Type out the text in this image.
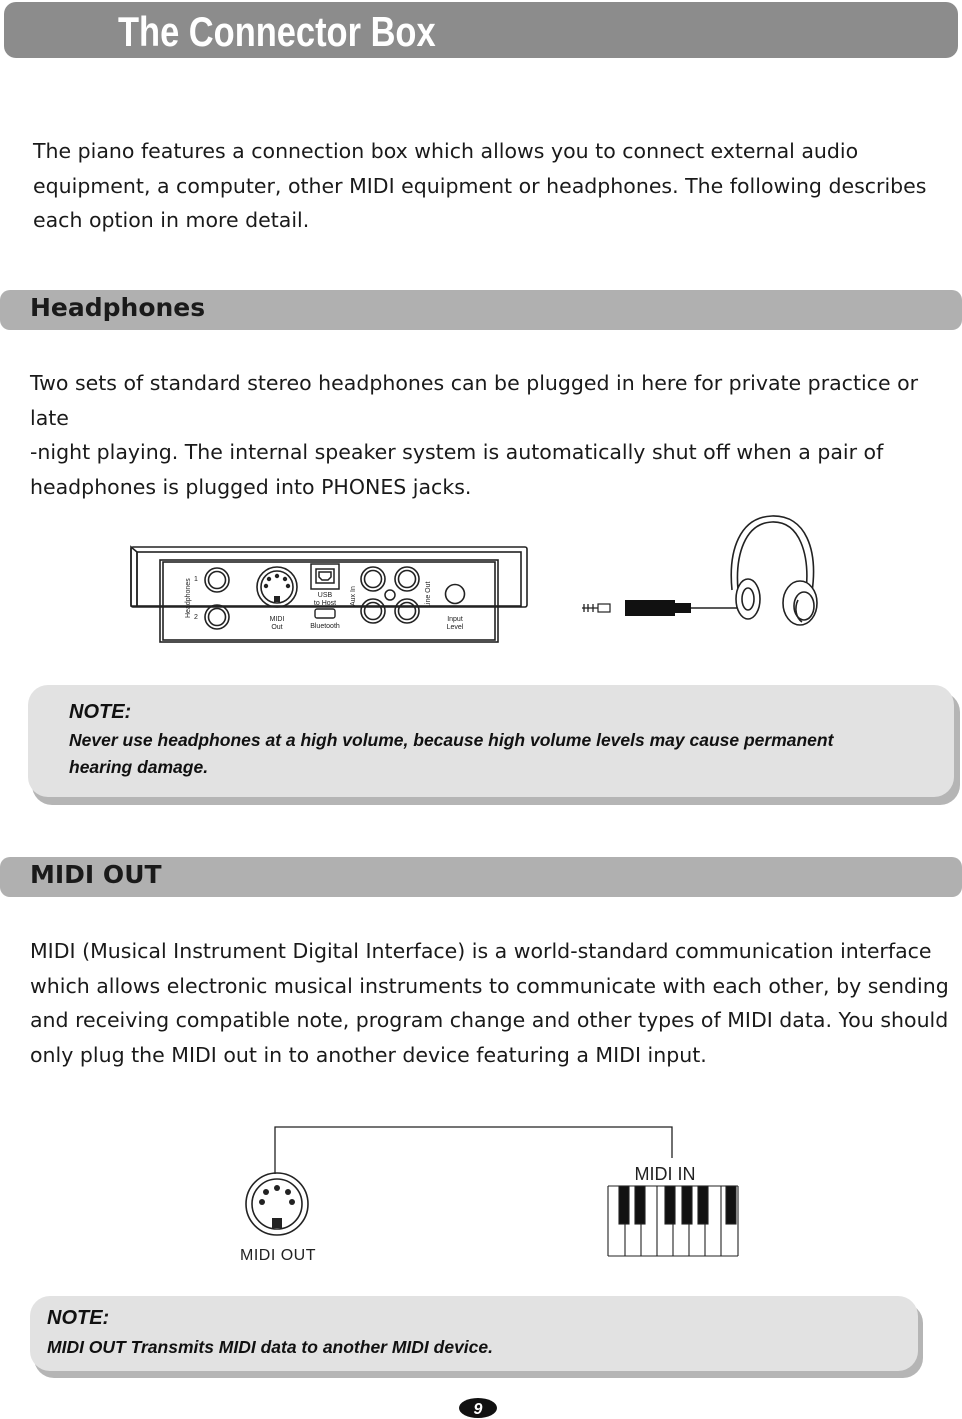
The Connector Box
The piano features a connection box which allows you to connect external audio
equipment, a computer, other MIDI equipment or headphones. The following describes
each option in more detail.
Headphones
Two sets of standard stereo headphones can be plugged in here for private practice or late
-night playing. The internal speaker system is automatically shut off when a pair of
headphones is plugged into PHONES jacks.
Headphones 1
2	MIDI
Out
USB
to Host
Bluetooth
Aux In	Line Out
Input
Level
NOTE:
Never use headphones at a high volume, because high volume levels may cause permanent
hearing damage.
MIDI OUT
MIDI (Musical Instrument Digital Interface) is a world-standard communication interface
which allows electronic musical instruments to communicate with each other, by sending
and receiving compatible note, program change and other types of MIDI data. You should
only plug the MIDI out in to another device featuring a MIDI input.
MIDI OUT
MIDI IN
NOTE:
MIDI OUT Transmits MIDI data to another MIDI device.
9
